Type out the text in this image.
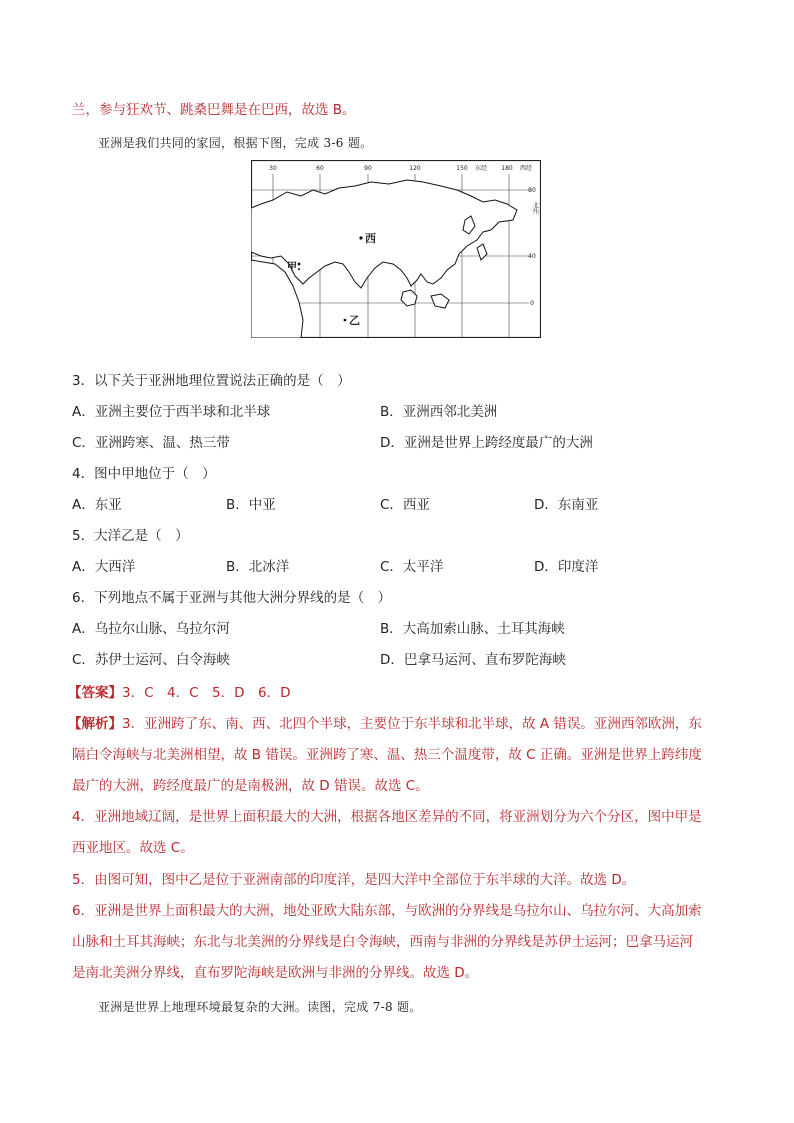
兰，参与狂欢节、跳桑巴舞是在巴西，故选 B。
亚洲是我们共同的家园，根据下图，完成 3-6 题。
30	60	90	120	150 东经 180 西经
80
40
0
北纬
西
甲.
乙
3．以下关于亚洲地理位置说法正确的是（　）
A．亚洲主要位于西半球和北半球	B．亚洲西邻北美洲
C．亚洲跨寒、温、热三带	D．亚洲是世界上跨经度最广的大洲
4．图中甲地位于（　）
A．东亚	B．中亚	C．西亚	D．东南亚
5．大洋乙是（　）
A．大西洋	B．北冰洋	C．太平洋	D．印度洋
6．下列地点不属于亚洲与其他大洲分界线的是（　）
A．乌拉尔山脉、乌拉尔河	B．大高加索山脉、土耳其海峡
C．苏伊士运河、白令海峡	D．巴拿马运河、直布罗陀海峡
【答案】3．C　4．C　5．D　6．D
【解析】3．亚洲跨了东、南、西、北四个半球，主要位于东半球和北半球，故 A 错误。亚洲西邻欧洲，东
隔白令海峡与北美洲相望，故 B 错误。亚洲跨了寒、温、热三个温度带，故 C 正确。亚洲是世界上跨纬度
最广的大洲，跨经度最广的是南极洲，故 D 错误。故选 C。
4．亚洲地域辽阔，是世界上面积最大的大洲，根据各地区差异的不同，将亚洲划分为六个分区，图中甲是
西亚地区。故选 C。
5．由图可知，图中乙是位于亚洲南部的印度洋，是四大洋中全部位于东半球的大洋。故选 D。
6．亚洲是世界上面积最大的大洲，地处亚欧大陆东部，与欧洲的分界线是乌拉尔山、乌拉尔河、大高加索
山脉和土耳其海峡；东北与北美洲的分界线是白令海峡，西南与非洲的分界线是苏伊士运河；巴拿马运河
是南北美洲分界线，直布罗陀海峡是欧洲与非洲的分界线。故选 D。
亚洲是世界上地理环境最复杂的大洲。读图，完成 7-8 题。
